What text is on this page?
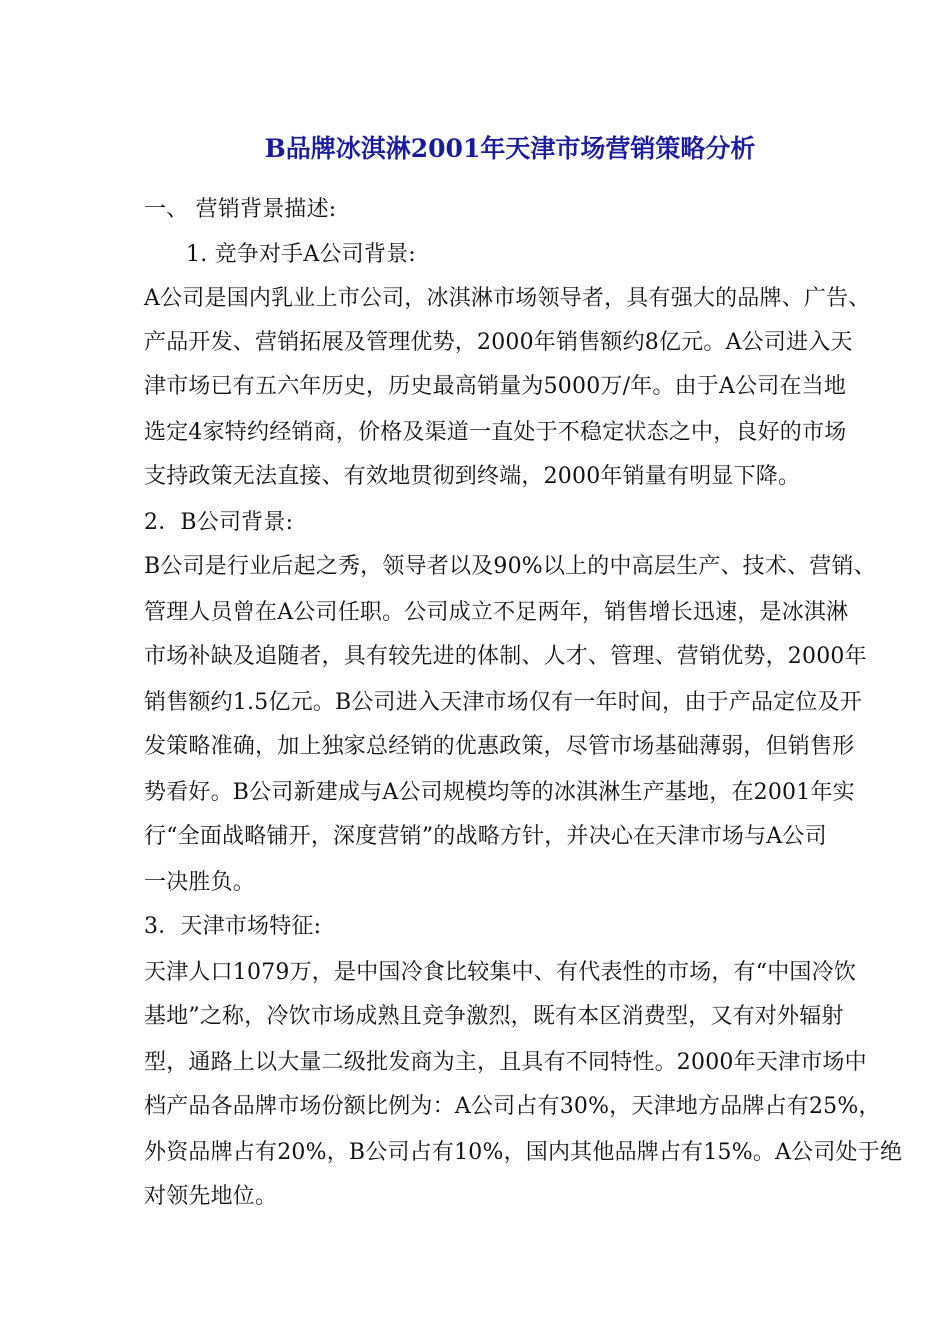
B品牌冰淇淋2001年天津市场营销策略分析
一、 营销背景描述:
1. 竞争对手A公司背景:
A公司是国内乳业上市公司，冰淇淋市场领导者，具有强大的品牌、广告、
产品开发、营销拓展及管理优势，2000年销售额约8亿元。A公司进入天
津市场已有五六年历史，历史最高销量为5000万/年。由于A公司在当地
选定4家特约经销商，价格及渠道一直处于不稳定状态之中，良好的市场
支持政策无法直接、有效地贯彻到终端，2000年销量有明显下降。
2．B公司背景:
B公司是行业后起之秀，领导者以及90%以上的中高层生产、技术、营销、
管理人员曾在A公司任职。公司成立不足两年，销售增长迅速，是冰淇淋
市场补缺及追随者，具有较先进的体制、人才、管理、营销优势，2000年
销售额约1.5亿元。B公司进入天津市场仅有一年时间，由于产品定位及开
发策略准确，加上独家总经销的优惠政策，尽管市场基础薄弱，但销售形
势看好。B公司新建成与A公司规模均等的冰淇淋生产基地，在2001年实
行“全面战略铺开，深度营销”的战略方针，并决心在天津市场与A公司
一决胜负。
3．天津市场特征:
天津人口1079万，是中国冷食比较集中、有代表性的市场，有“中国冷饮
基地”之称，冷饮市场成熟且竞争激烈，既有本区消费型，又有对外辐射
型，通路上以大量二级批发商为主，且具有不同特性。2000年天津市场中
档产品各品牌市场份额比例为：A公司占有30%，天津地方品牌占有25%，
外资品牌占有20%，B公司占有10%，国内其他品牌占有15%。A公司处于绝
对领先地位。
